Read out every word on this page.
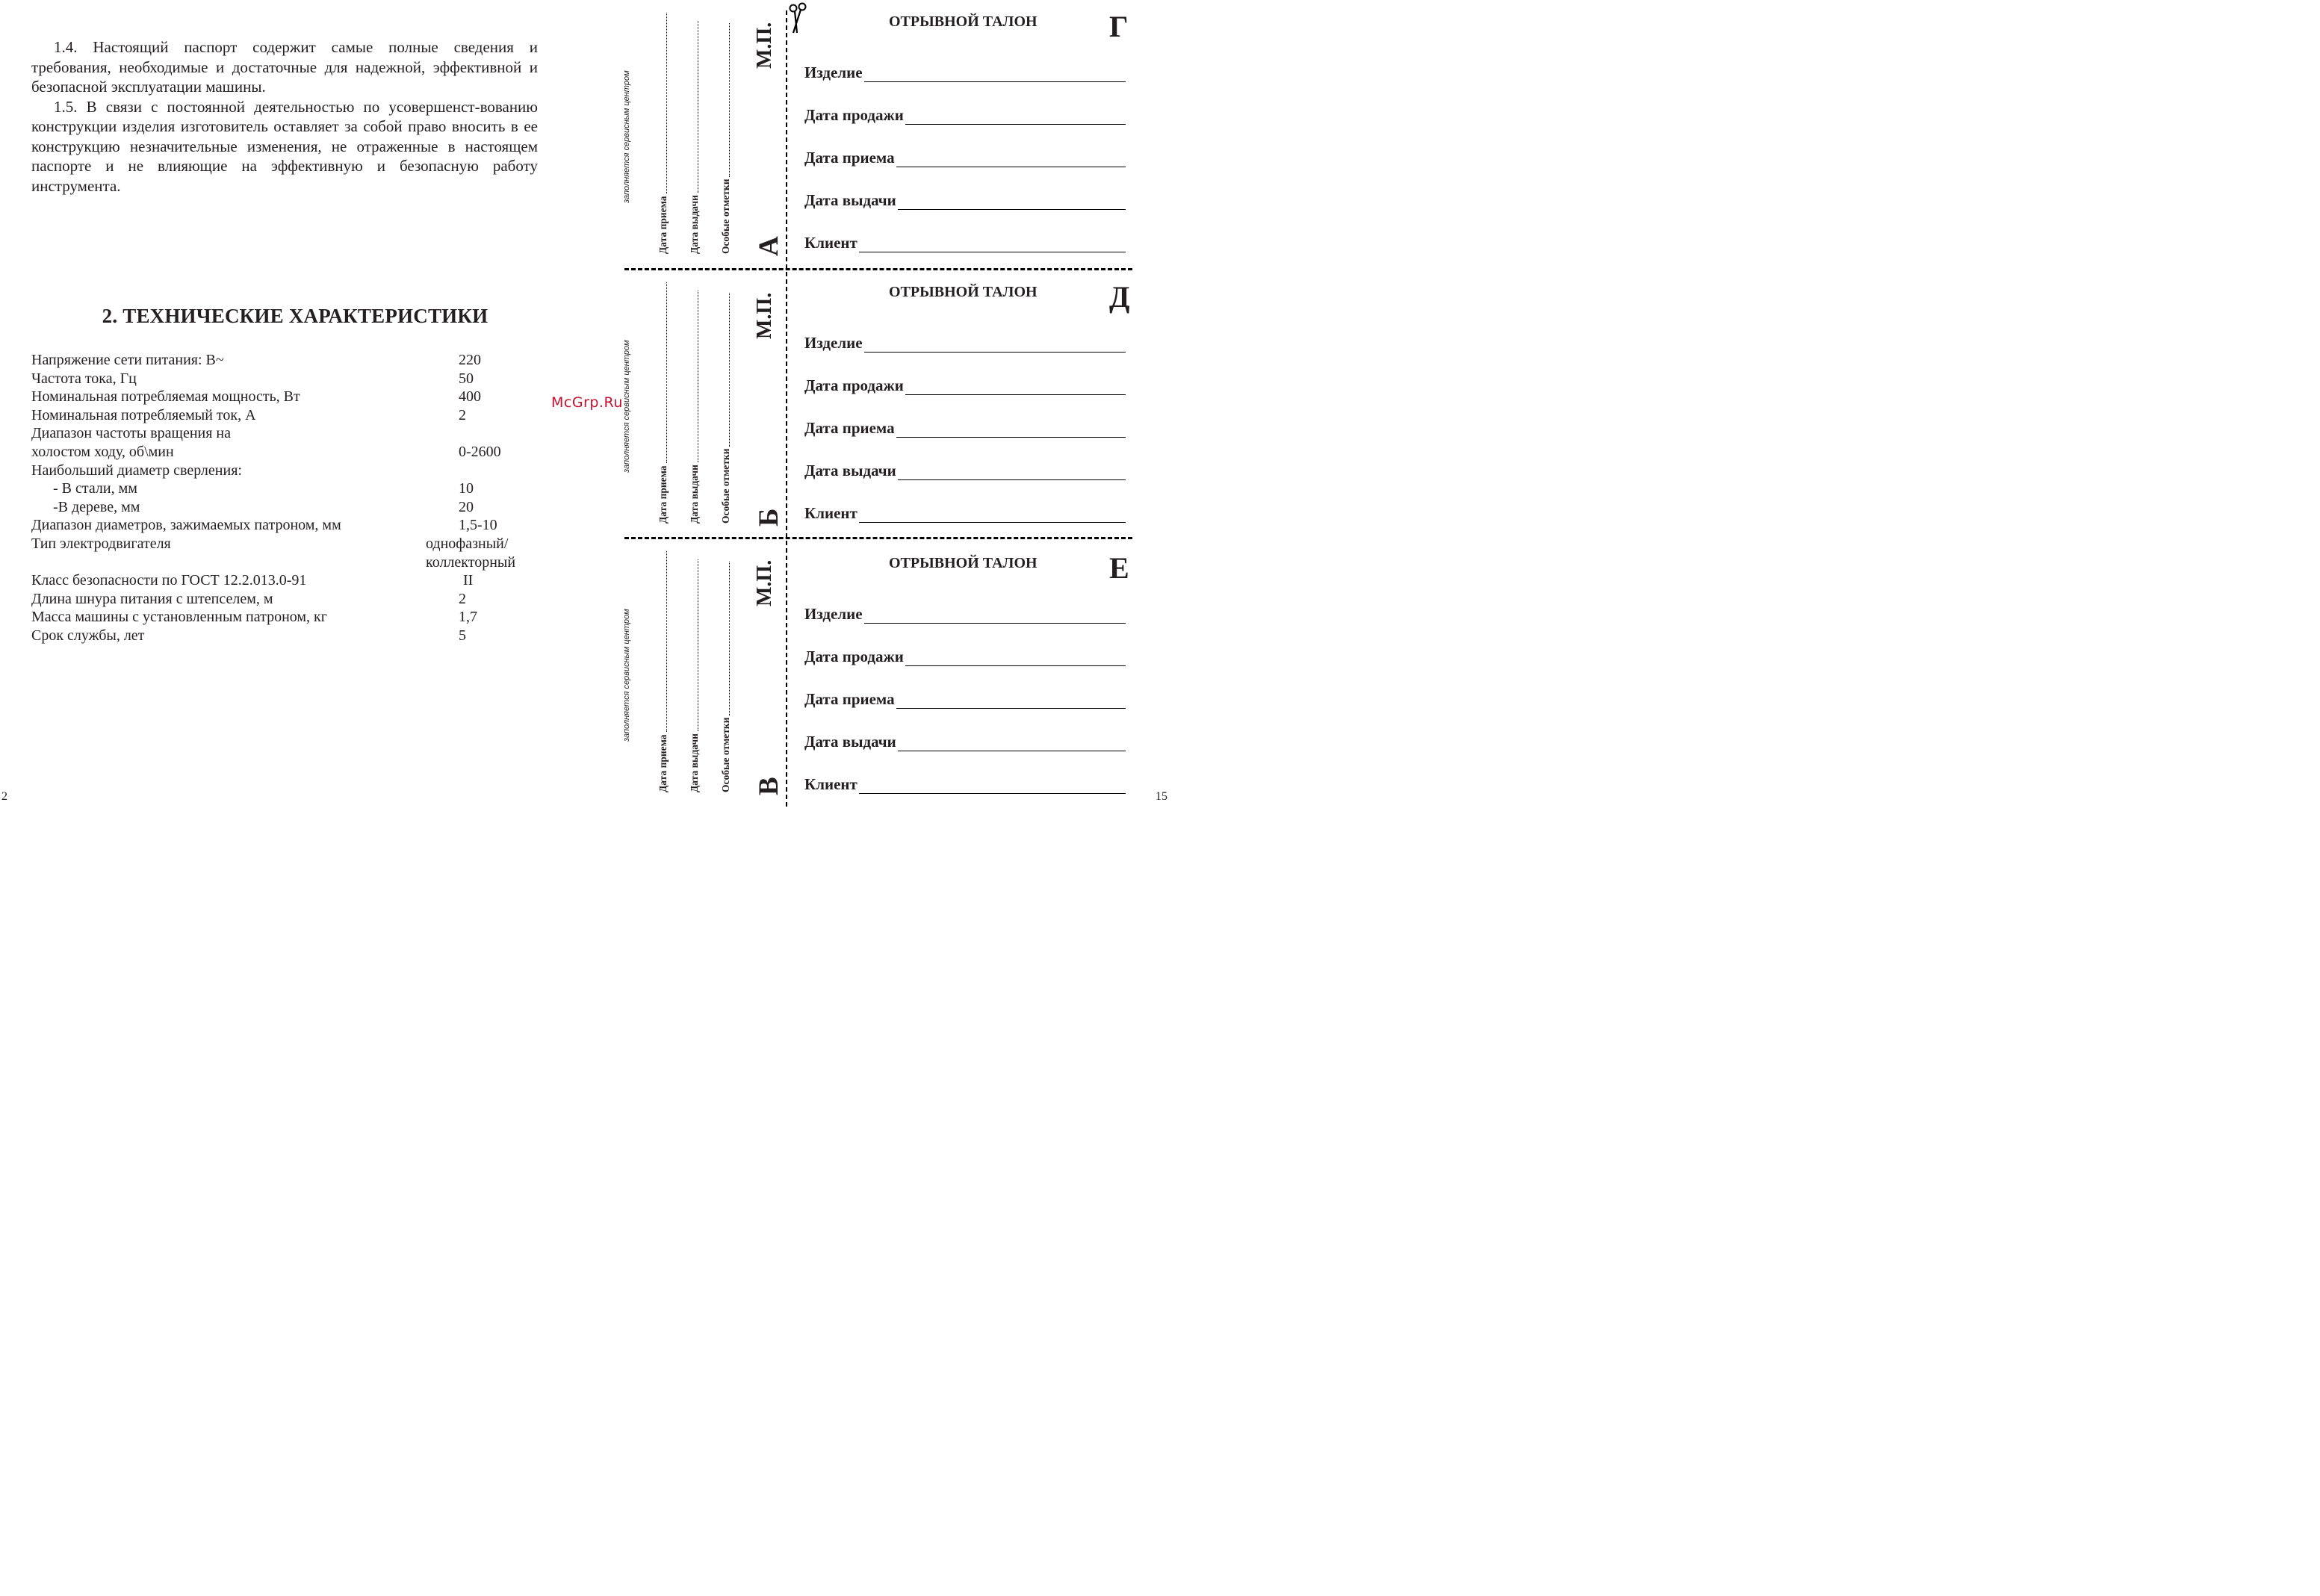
1.4. Настоящий паспорт содержит самые полные сведения и требования, необходимые и достаточные для надежной, эффективной и безопасной эксплуатации машины.

1.5. В связи с постоянной деятельностью по усовершенст-вованию конструкции изделия изготовитель оставляет за собой право вносить в ее конструкцию незначительные изменения, не отраженные в настоящем паспорте и не влияющие на эффективную и безопасную работу инструмента.

2. ТЕХНИЧЕСКИЕ ХАРАКТЕРИСТИКИ
Напряжение сети питания: В~	220
Частота тока, Гц	50
Номинальная потребляемая мощность, Вт	400
Номинальная потребляемый ток, А	2
Диапазон частоты вращения на
холостом ходу, об\мин	0-2600
Наибольший диаметр сверления:
- В стали, мм	10
-В дереве, мм	20
Диапазон диаметров, зажимаемых патроном, мм	1,5-10
Тип электродвигателя	однофазный/
коллекторный
Класс безопасности по ГОСТ 12.2.013.0-91	II
Длина шнура питания с штепселем, м	2
Масса машины с установленным патроном, кг	1,7
Срок службы, лет	5
McGrp.Ru
2	15
заполняется сервисным центром
Дата приема Дата выдачи Особые отметки
М.П.
А
заполняется сервисным центром
Дата приема Дата выдачи Особые отметки
М.П.
Б
заполняется сервисным центром
Дата приема Дата выдачи Особые отметки
М.П.
В
ОТРЫВНОЙ ТАЛОН Г
Изделие
Дата продажи
Дата приема
Дата выдачи
Клиент
ОТРЫВНОЙ ТАЛОН Д
Изделие
Дата продажи
Дата приема
Дата выдачи
Клиент
ОТРЫВНОЙ ТАЛОН Е
Изделие
Дата продажи
Дата приема
Дата выдачи
Клиент
